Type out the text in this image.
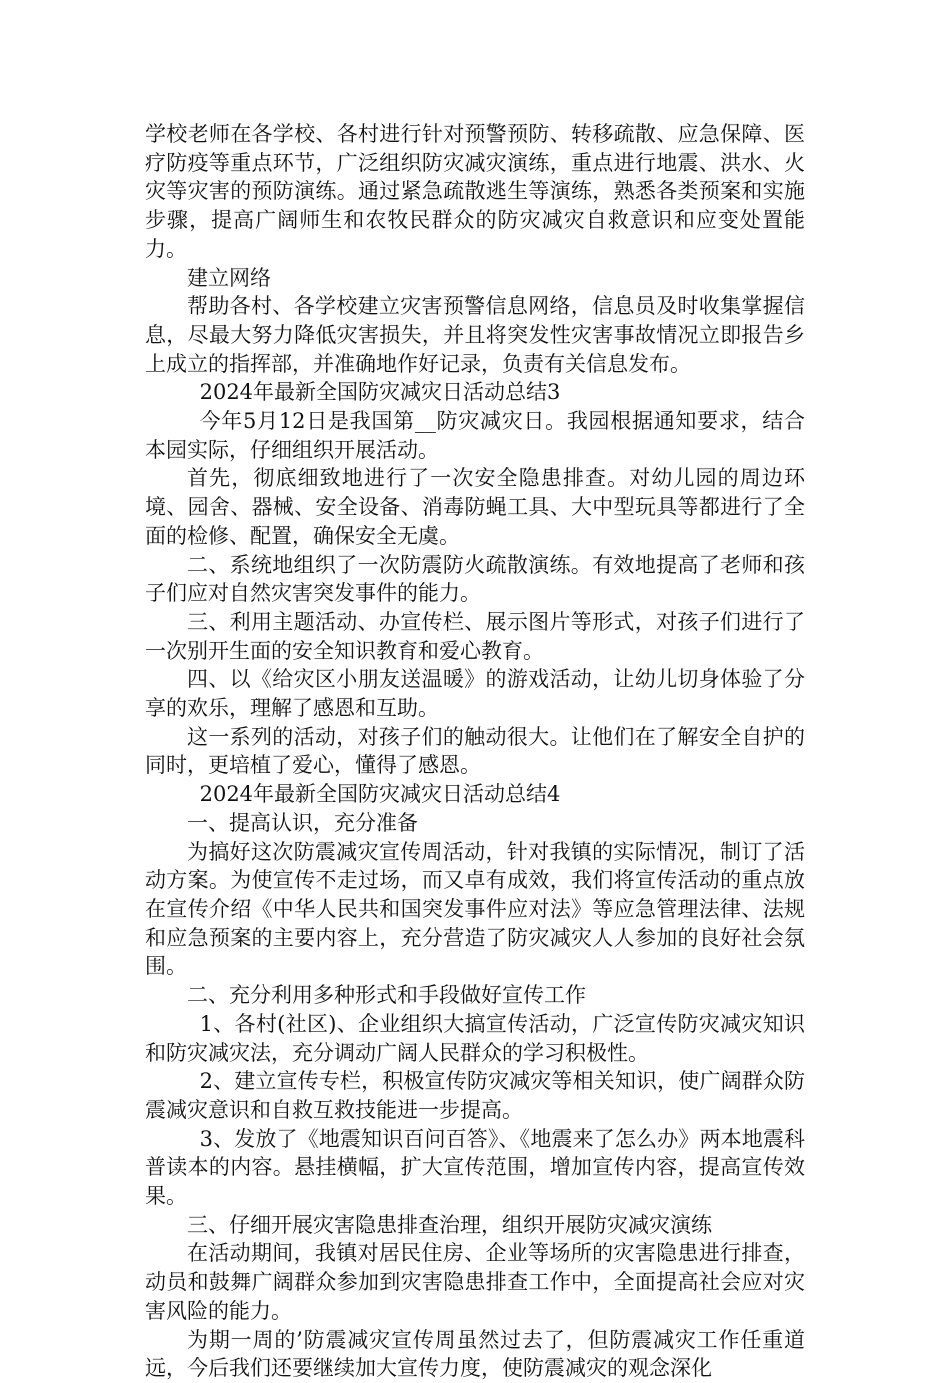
学校老师在各学校、各村进行针对预警预防、转移疏散、应急保障、医疗防疫等重点环节，广泛组织防灾减灾演练，重点进行地震、洪水、火灾等灾害的预防演练。通过紧急疏散逃生等演练，熟悉各类预案和实施步骤，提高广阔师生和农牧民群众的防灾减灾自救意识和应变处置能力。

建立网络

帮助各村、各学校建立灾害预警信息网络，信息员及时收集掌握信息，尽最大努力降低灾害损失，并且将突发性灾害事故情况立即报告乡上成立的指挥部，并准确地作好记录，负责有关信息发布。

2024年最新全国防灾减灾日活动总结3

今年5月12日是我国第__防灾减灾日。我园根据通知要求，结合本园实际，仔细组织开展活动。

首先，彻底细致地进行了一次安全隐患排查。对幼儿园的周边环境、园舍、器械、安全设备、消毒防蝇工具、大中型玩具等都进行了全面的检修、配置，确保安全无虞。

二、系统地组织了一次防震防火疏散演练。有效地提高了老师和孩子们应对自然灾害突发事件的能力。

三、利用主题活动、办宣传栏、展示图片等形式，对孩子们进行了一次别开生面的安全知识教育和爱心教育。

四、以《给灾区小朋友送温暖》的游戏活动，让幼儿切身体验了分享的欢乐，理解了感恩和互助。

这一系列的活动，对孩子们的触动很大。让他们在了解安全自护的同时，更培植了爱心，懂得了感恩。

2024年最新全国防灾减灾日活动总结4

一、提高认识，充分准备

为搞好这次防震减灾宣传周活动，针对我镇的实际情况，制订了活动方案。为使宣传不走过场，而又卓有成效，我们将宣传活动的重点放在宣传介绍《中华人民共和国突发事件应对法》等应急管理法律、法规和应急预案的主要内容上，充分营造了防灾减灾人人参加的良好社会氛围。

二、充分利用多种形式和手段做好宣传工作

1、各村(社区)、企业组织大搞宣传活动，广泛宣传防灾减灾知识和防灾减灾法，充分调动广阔人民群众的学习积极性。

2、建立宣传专栏，积极宣传防灾减灾等相关知识，使广阔群众防震减灾意识和自救互救技能进一步提高。

3、发放了《地震知识百问百答》、《地震来了怎么办》两本地震科普读本的内容。悬挂横幅，扩大宣传范围，增加宣传内容，提高宣传效果。

三、仔细开展灾害隐患排查治理，组织开展防灾减灾演练

在活动期间，我镇对居民住房、企业等场所的灾害隐患进行排查，动员和鼓舞广阔群众参加到灾害隐患排查工作中，全面提高社会应对灾害风险的能力。

为期一周的’防震减灾宣传周虽然过去了，但防震减灾工作任重道远，今后我们还要继续加大宣传力度，使防震减灾的观念深化
